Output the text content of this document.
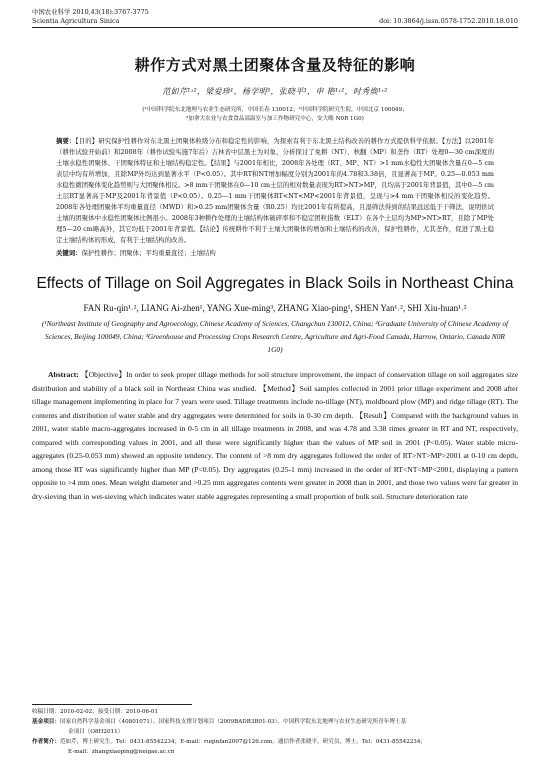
中国农业科学 2010,43(18):3767-3775
Scientia Agricultura Sinica	doi: 10.3864/j.issn.0578-1752.2010.18.010
耕作方式对黑土团聚体含量及特征的影响
范如芹¹˒²，梁爱珍¹，杨学明³，张晓平¹，申 艳¹˒²，时秀焕¹˒²
(¹中国科学院东北地理与农业生态研究所，中国长春 130012；²中国科学院研究生院，中国北京 100049；
³加拿大农业与农食食品部温室与加工作物研究中心，安大略 N0R 1G0)
摘要：【目的】研究保护性耕作对东北黑土团聚体粒级分布和稳定性的影响，为探索有利于东北黑土结构改善的耕作方式提供科学依据。【方法】以2001年（耕作试验开始前）和2008年（耕作试验实施7年后）吉林省中层黑土为对象，分析探讨了免耕（NT）、秋翻（MP）和垄作（RT）处理0—30 cm深度的土壤水稳性团聚体、干团聚体特征和土壤结构稳定性。【结果】与2001年相比，2008年各处理（RT、MP、NT）>1 mm水稳性大团聚体含量在0—5 cm表层中均有所增加，且除MP外均达到显著水平（P<0.05）。其中RT和NT增加幅度分别为2001年的4.78和3.38倍，且显著高于MP。0.25—0.053 mm水稳性微团聚体变化趋势则与大团聚体相反。>8 mm干团聚体在0—10 cm土层的相对数量表现为RT>NT>MP，且均高于2001年背景值，其中0—5 cm土层RT显著高于MP及2001年背景值（P<0.05）。0.25—1 mm干团聚体RT<NT<MP<2001年背景值，呈现与>4 mm干团聚体相反的变化趋势。2008年各处理团聚体平均重量直径（MWD）和>0.25 mm团聚体含量（R0.25）均比2001年有所提高，且湿筛法得到的结果远远低于干筛法，说明供试土壤的团聚体中水稳性团聚体比例很小。2008年3种耕作处理的土壤结构体破碎率和不稳定团粒指数（ELT）在各个土层均为MP>NT>RT，且除了MP处理5—20 cm略高外，其它均低于2001年背景值。【结论】传统耕作不利于土壤大团聚体的增加和土壤结构的改善，保护性耕作，尤其垄作，促进了黑土稳定土壤结构体的形成，有利于土壤结构的改善。
关键词：保护性耕作；团聚体；平均重量直径；土壤结构
Effects of Tillage on Soil Aggregates in Black Soils in Northeast China
FAN Ru-qin¹˒², LIANG Ai-zhen¹, YANG Xue-ming³, ZHANG Xiao-ping¹, SHEN Yan¹˒², SHI Xiu-huan¹˒²
(¹Northeast Institute of Geography and Agroecology, Chinese Academy of Sciences, Changchun 130012, China; ²Graduate University of Chinese Academy of Sciences, Beijing 100049, China; ³Greenhouse and Processing Crops Research Centre, Agriculture and Agri-Food Canada, Harrow, Ontario, Canada N0R 1G0)
Abstract: 【Objective】In order to seek proper tillage methods for soil structure improvement, the impact of conservation tillage on soil aggregates size distribution and stability of a black soil in Northeast China was studied. 【Method】Soil samples collected in 2001 prior tillage experiment and 2008 after tillage management implementing in place for 7 years were used. Tillage treatments include no-tillage (NT), moldboard plow (MP) and ridge tillage (RT). The contents and distribution of water stable and dry aggregates were determined for soils in 0-30 cm depth. 【Result】Compared with the background values in 2001, water stable macro-aggregates increased in 0-5 cm in all tillage treatments in 2008, and was 4.78 and 3.38 times greater in RT and NT, respectively, compared with corresponding values in 2001, and all these were significantly higher than the values of MP soil in 2001 (P<0.05). Water stable micro-aggregates (0.25-0.053 mm) showed an opposite tendency. The content of >8 mm dry aggregates followed the order of RT>NT>MP>2001 at 0-10 cm depth, among those RT was significantly higher than MP (P<0.05). Dry aggregates (0.25-1 mm) increased in the order of RT<NT<MP<2001, displaying a pattern opposite to >4 mm ones. Mean weight diameter and >0.25 mm aggregates contents were greater in 2008 than in 2001, and those two values were far greater in dry-sieving than in wet-sieving which indicates water stable aggregates representing a small proportion of bulk soil. Structure deterioration rate
收稿日期：2010-02-02；接受日期：2010-06-01
基金项目：国家自然科学基金项目（40801071）、国家科技支撑计划项目（2009BADB3B01-03）、中国科学院东北地理与农业生态研究所青年博士基
金项目（O8H2011）
作者简介：范如芹，博士研究生。Tel：0431-85542234；E-mail：ruqinfan2007@126.com。通信作者张晓平，研究员，博士。Tel：0431-85542234；
E-mail：zhangxiaoping@neigae.ac.cn
